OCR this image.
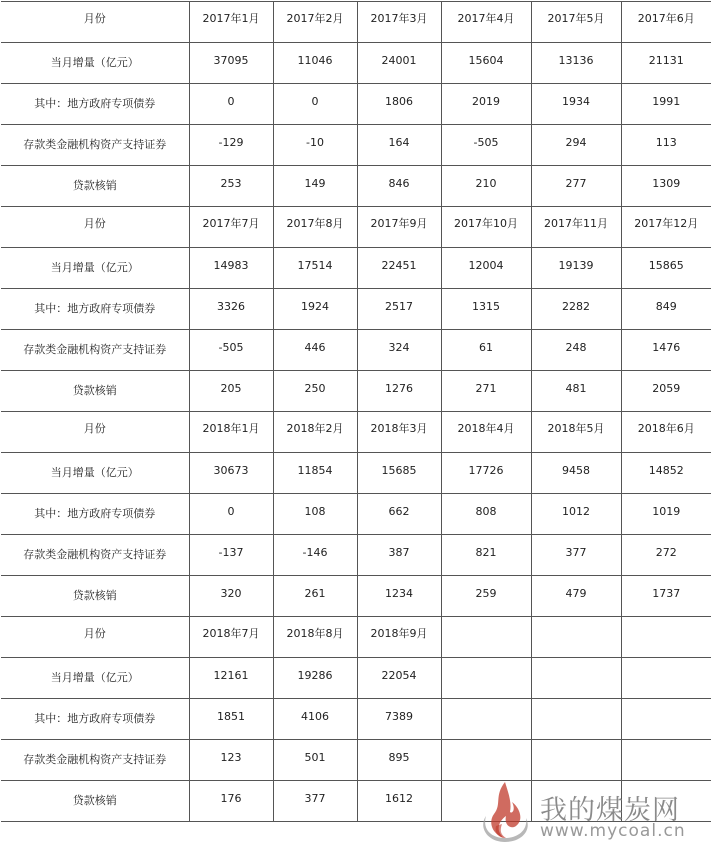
月份	2017年1月	2017年2月	2017年3月	2017年4月	2017年5月	2017年6月

当月增量（亿元）	37095	11046	24001	15604	13136	21131

其中：地方政府专项债券	0	0	1806	2019	1934	1991

存款类金融机构资产支持证券	-129	-10	164	-505	294	113

贷款核销	253	149	846	210	277	1309

月份	2017年7月	2017年8月	2017年9月	2017年10月	2017年11月	2017年12月

当月增量（亿元）	14983	17514	22451	12004	19139	15865

其中：地方政府专项债券	3326	1924	2517	1315	2282	849

存款类金融机构资产支持证券	-505	446	324	61	248	1476

贷款核销	205	250	1276	271	481	2059

月份	2018年1月	2018年2月	2018年3月	2018年4月	2018年5月	2018年6月

当月增量（亿元）	30673	11854	15685	17726	9458	14852

其中：地方政府专项债券	0	108	662	808	1012	1019

存款类金融机构资产支持证券	-137	-146	387	821	377	272

贷款核销	320	261	1234	259	479	1737

月份	2018年7月	2018年8月	2018年9月			

当月增量（亿元）	12161	19286	22054			

其中：地方政府专项债券	1851	4106	7389			

存款类金融机构资产支持证券	123	501	895			

贷款核销	176	377	1612			

		我的煤炭网
www.mycoal.cn
